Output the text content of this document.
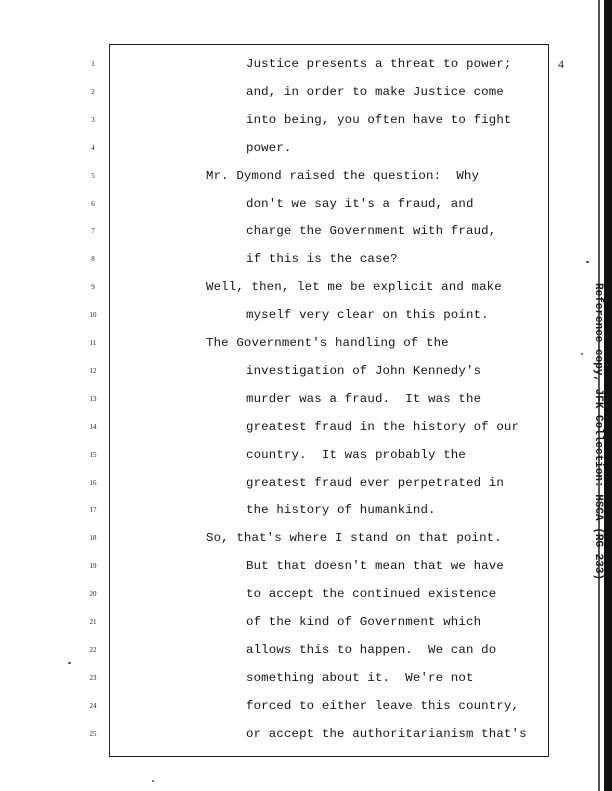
4
1
2
3
4
5
6
7
8
9
10
11
12
13
14
15
16
17
18
19
20
21
22
23
24
25
Justice presents a threat to power;
and, in order to make Justice come
into being, you often have to fight
power.
Mr. Dymond raised the question:  Why
don't we say it's a fraud, and
charge the Government with fraud,
if this is the case?
Well, then, let me be explicit and make
myself very clear on this point.
The Government's handling of the
investigation of John Kennedy's
murder was a fraud.  It was the
greatest fraud in the history of our
country.  It was probably the
greatest fraud ever perpetrated in
the history of humankind.
So, that's where I stand on that point.
But that doesn't mean that we have
to accept the continued existence
of the kind of Government which
allows this to happen.  We can do
something about it.  We're not
forced to either leave this country,
or accept the authoritarianism that's
Reference copy, JFK Collection: HSCA (RG 233)
